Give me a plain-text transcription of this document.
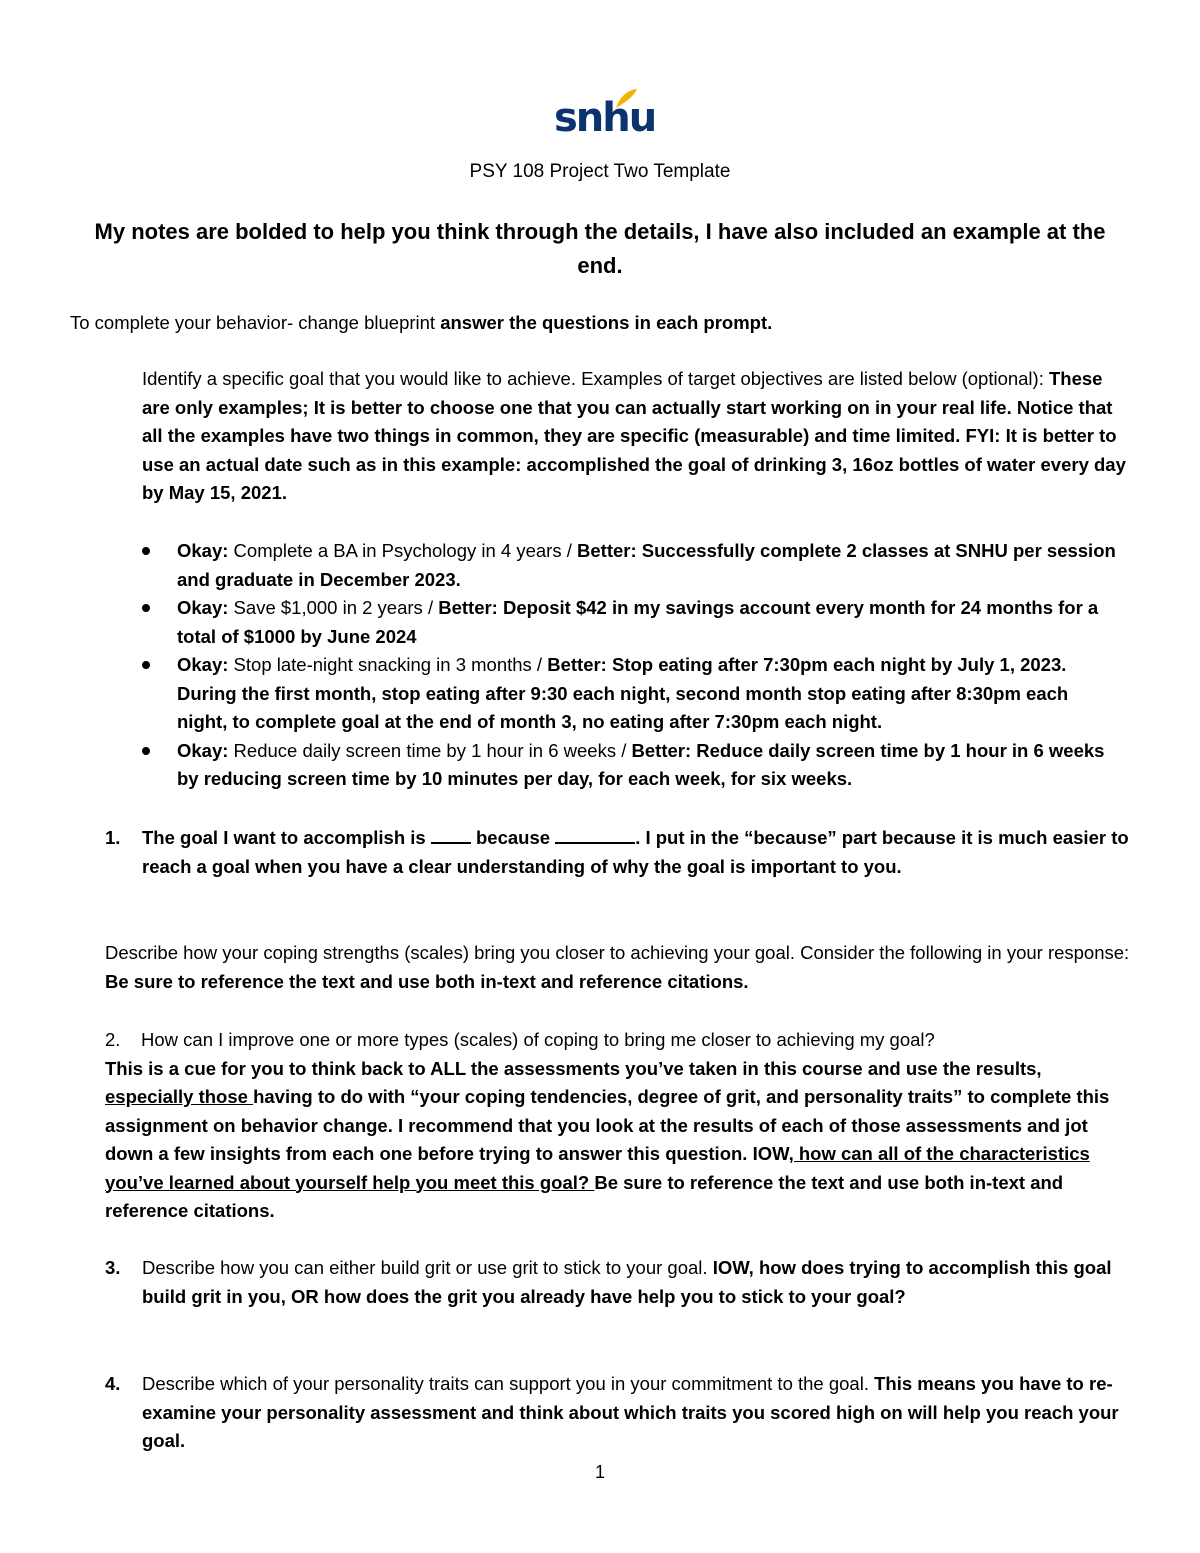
snhu
PSY 108 Project Two Template
My notes are bolded to help you think through the details, I have also included an example at the end.
To complete your behavior- change blueprint answer the questions in each prompt.
Identify a specific goal that you would like to achieve. Examples of target objectives are listed below (optional): These are only examples; It is better to choose one that you can actually start working on in your real life. Notice that all the examples have two things in common, they are specific (measurable) and time limited. FYI: It is better to use an actual date such as in this example: accomplished the goal of drinking 3, 16oz bottles of water every day by May 15, 2021.
Okay: Complete a BA in Psychology in 4 years / Better: Successfully complete 2 classes at SNHU per session and graduate in December 2023.
Okay: Save $1,000 in 2 years / Better: Deposit $42 in my savings account every month for 24 months for a total of $1000 by June 2024
Okay: Stop late-night snacking in 3 months / Better: Stop eating after 7:30pm each night by July 1, 2023. During the first month, stop eating after 9:30 each night, second month stop eating after 8:30pm each night, to complete goal at the end of month 3, no eating after 7:30pm each night.
Okay: Reduce daily screen time by 1 hour in 6 weeks / Better: Reduce daily screen time by 1 hour in 6 weeks by reducing screen time by 10 minutes per day, for each week, for six weeks.
1. The goal I want to accomplish is  because	. I put in the “because” part because it is much easier to reach a goal when you have a clear understanding of why the goal is important to you.
Describe how your coping strengths (scales) bring you closer to achieving your goal. Consider the following in your response: Be sure to reference the text and use both in-text and reference citations.
2. How can I improve one or more types (scales) of coping to bring me closer to achieving my goal?
This is a cue for you to think back to ALL the assessments you’ve taken in this course and use the results, especially those having to do with “your coping tendencies, degree of grit, and personality traits” to complete this assignment on behavior change. I recommend that you look at the results of each of those assessments and jot down a few insights from each one before trying to answer this question. IOW, how can all of the characteristics you’ve learned about yourself help you meet this goal? Be sure to reference the text and use both in-text and reference citations.
3. Describe how you can either build grit or use grit to stick to your goal. IOW, how does trying to accomplish this goal build grit in you, OR how does the grit you already have help you to stick to your goal?
4. Describe which of your personality traits can support you in your commitment to the goal. This means you have to re-examine your personality assessment and think about which traits you scored high on will help you reach your goal.
1
